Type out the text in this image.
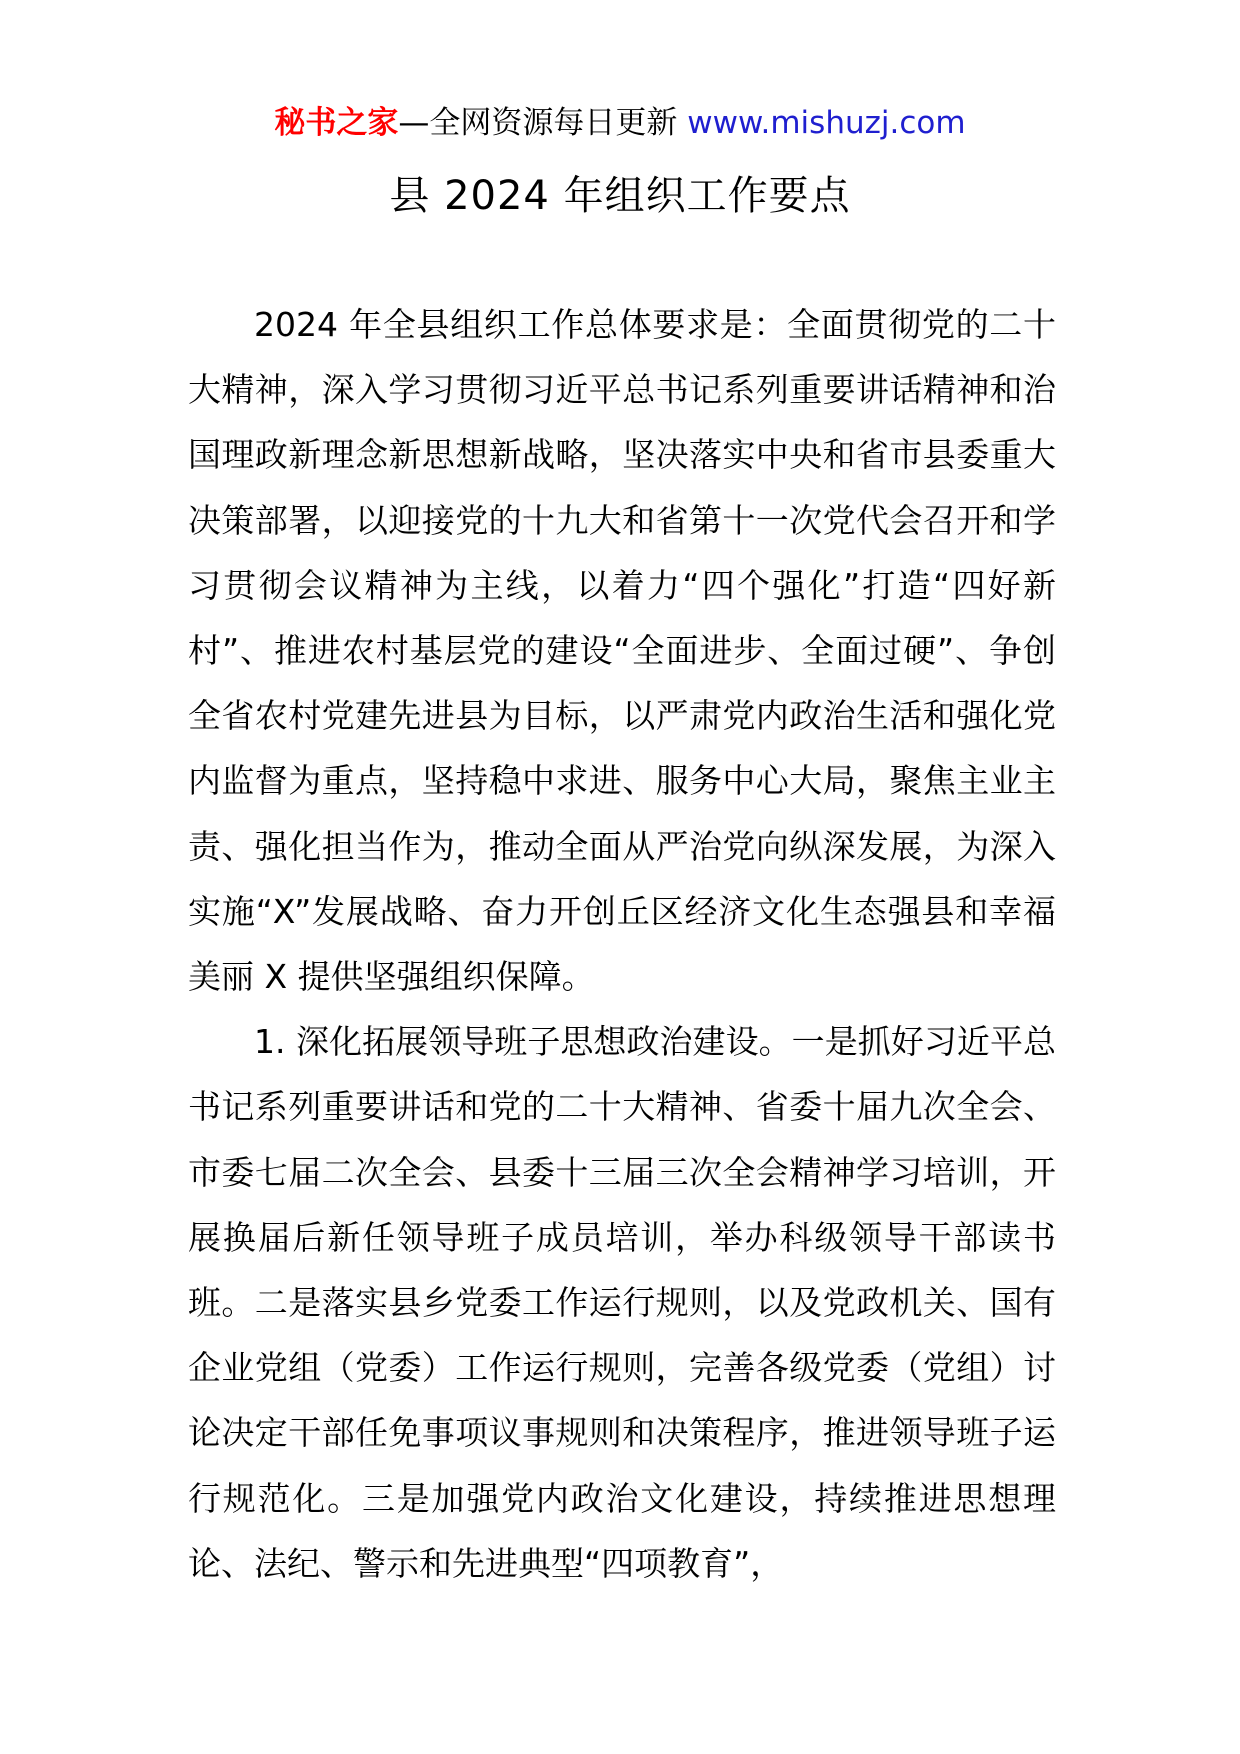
秘书之家—全网资源每日更新 www.mishuzj.com
县 2024 年组织工作要点

2024 年全县组织工作总体要求是：全面贯彻党的二十大精神，深入学习贯彻习近平总书记系列重要讲话精神和治国理政新理念新思想新战略，坚决落实中央和省市县委重大决策部署，以迎接党的十九大和省第十一次党代会召开和学习贯彻会议精神为主线，以着力“四个强化”打造“四好新村”、推进农村基层党的建设“全面进步、全面过硬”、争创全省农村党建先进县为目标，以严肃党内政治生活和强化党内监督为重点，坚持稳中求进、服务中心大局，聚焦主业主责、强化担当作为，推动全面从严治党向纵深发展，为深入实施“X”发展战略、奋力开创丘区经济文化生态强县和幸福美丽 X 提供坚强组织保障。

1. 深化拓展领导班子思想政治建设。一是抓好习近平总书记系列重要讲话和党的二十大精神、省委十届九次全会、市委七届二次全会、县委十三届三次全会精神学习培训，开展换届后新任领导班子成员培训，举办科级领导干部读书班。二是落实县乡党委工作运行规则，以及党政机关、国有企业党组（党委）工作运行规则，完善各级党委（党组）讨论决定干部任免事项议事规则和决策程序，推进领导班子运行规范化。三是加强党内政治文化建设，持续推进思想理论、法纪、警示和先进典型“四项教育”，
